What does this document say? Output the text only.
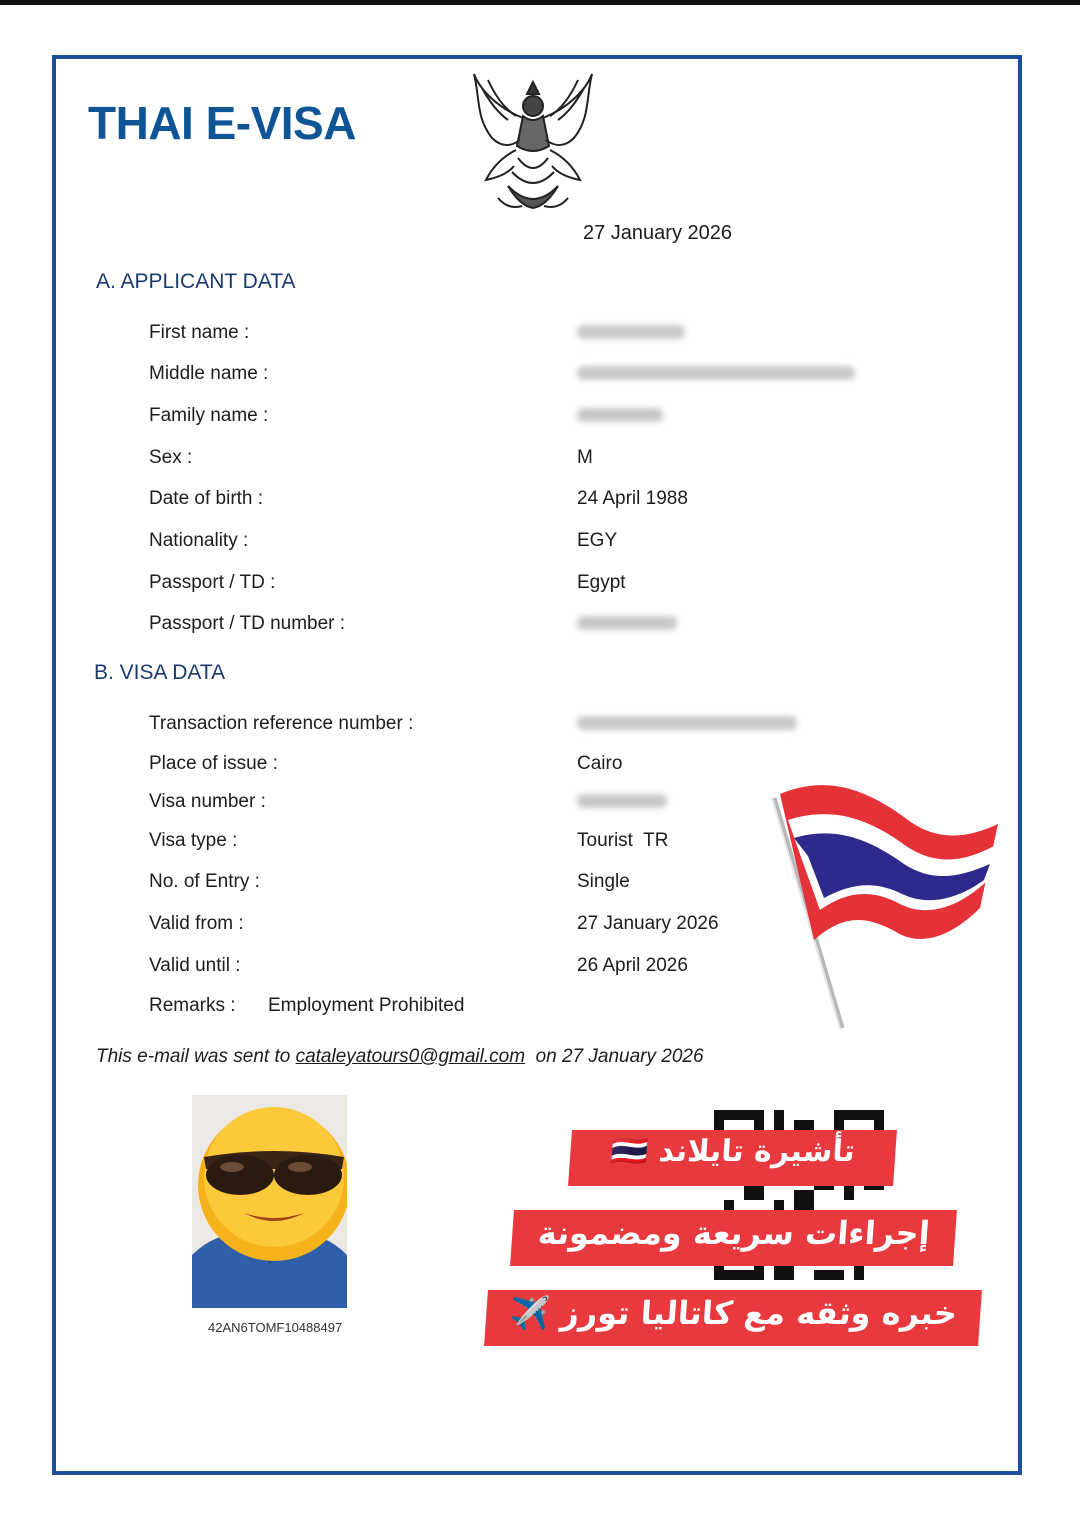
THAI E-VISA
27 January 2026
A. APPLICANT DATA
First name :
Middle name :
Family name :
Sex :	M
Date of birth :	24 April 1988
Nationality :	EGY
Passport / TD :	Egypt
Passport / TD number :
B. VISA DATA
Transaction reference number :
Place of issue :	Cairo
Visa number :
Visa type :	Tourist  TR
No. of Entry :	Single
Valid from :	27 January 2026
Valid until :	26 April 2026
Remarks : Employment Prohibited
This e-mail was sent to cataleyatours0@gmail.com on 27 January 2026
42AN6TOMF10488497
تأشيرة تايلاند 🇹🇭
إجراءات سريعة ومضمونة
خبره وثقه مع كاتاليا تورز ✈️
